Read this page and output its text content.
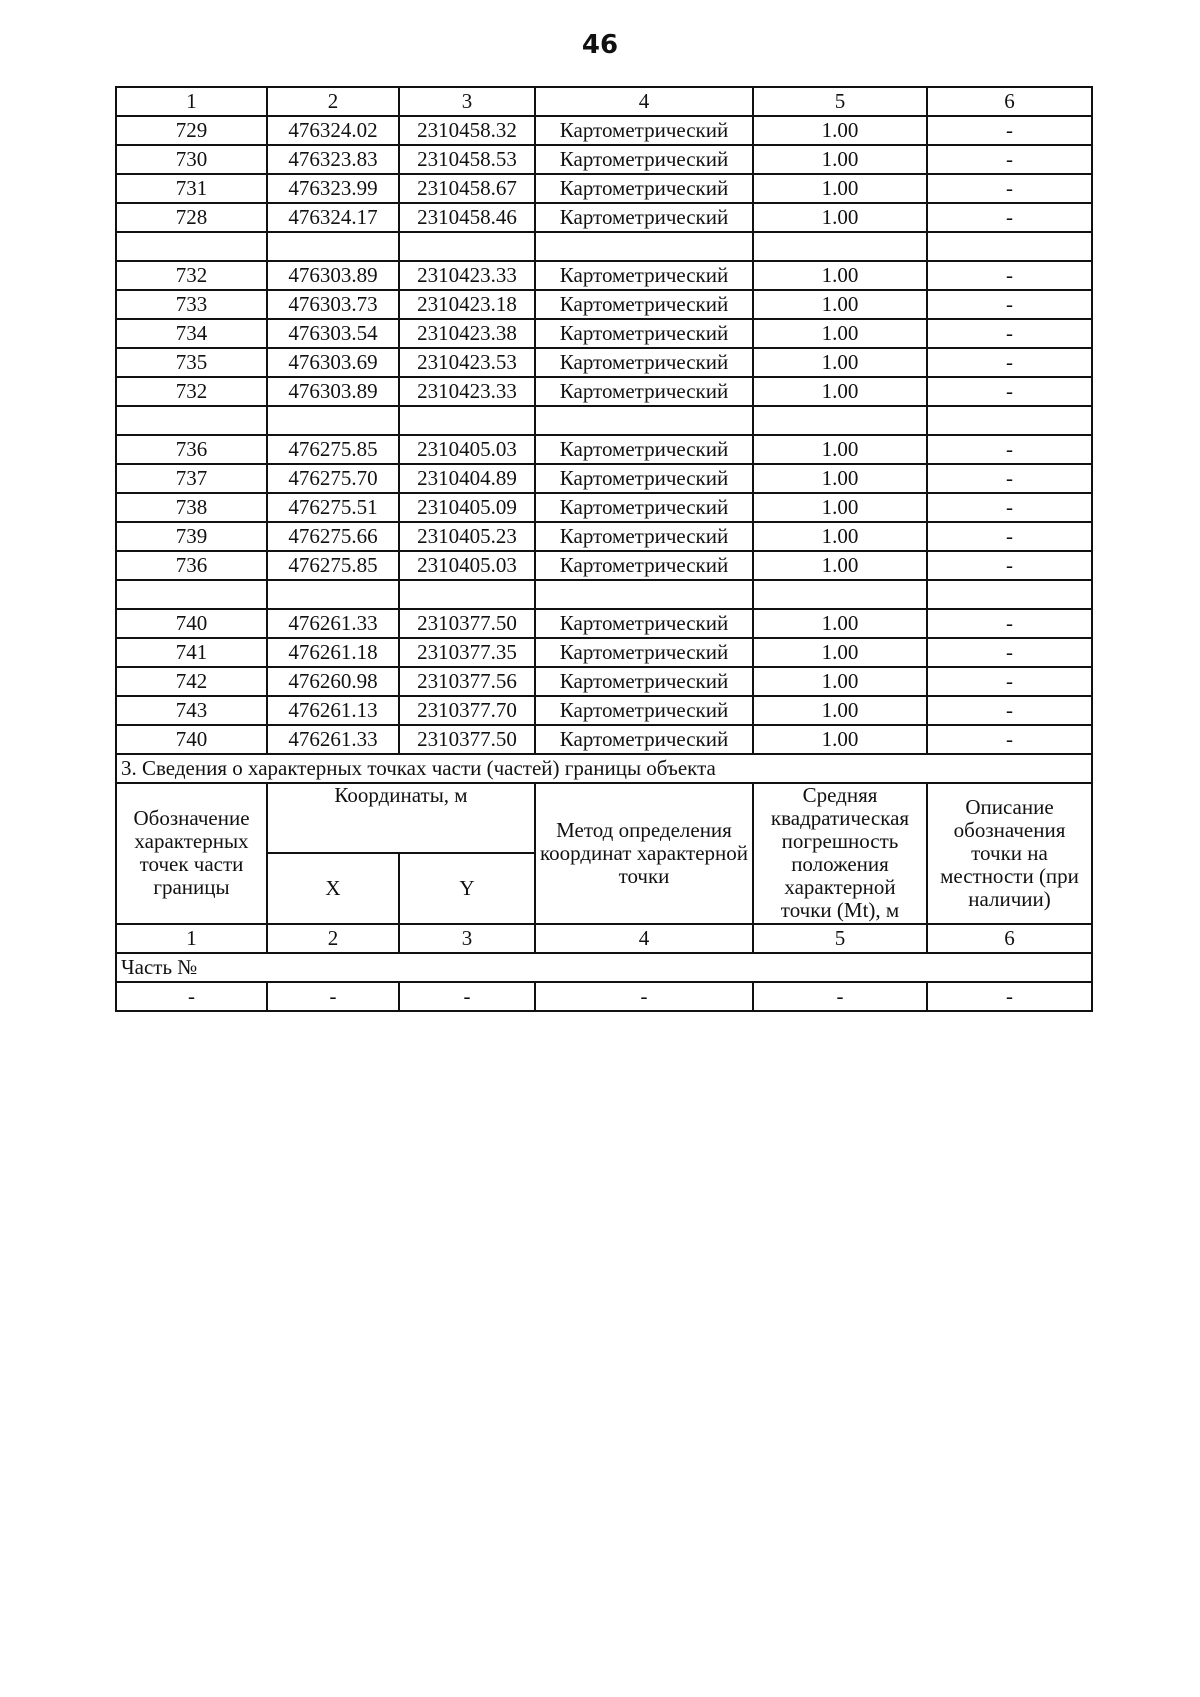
46
1	2	3	4	5	6
729	476324.02	2310458.32	Картометрический	1.00	-
730	476323.83	2310458.53	Картометрический	1.00	-
731	476323.99	2310458.67	Картометрический	1.00	-
728	476324.17	2310458.46	Картометрический	1.00	-

732	476303.89	2310423.33	Картометрический	1.00	-
733	476303.73	2310423.18	Картометрический	1.00	-
734	476303.54	2310423.38	Картометрический	1.00	-
735	476303.69	2310423.53	Картометрический	1.00	-
732	476303.89	2310423.33	Картометрический	1.00	-

736	476275.85	2310405.03	Картометрический	1.00	-
737	476275.70	2310404.89	Картометрический	1.00	-
738	476275.51	2310405.09	Картометрический	1.00	-
739	476275.66	2310405.23	Картометрический	1.00	-
736	476275.85	2310405.03	Картометрический	1.00	-

740	476261.33	2310377.50	Картометрический	1.00	-
741	476261.18	2310377.35	Картометрический	1.00	-
742	476260.98	2310377.56	Картометрический	1.00	-
743	476261.13	2310377.70	Картометрический	1.00	-
740	476261.33	2310377.50	Картометрический	1.00	-
3. Сведения о характерных точках части (частей) границы объекта					
Обозначение характерных точек части границы	Координаты, м		Метод определения координат характерной точки	Средняя квадратическая погрешность положения характерной точки (Mt), м	Описание обозначения точки на местности (при наличии)
	X	Y			
1	2	3	4	5	6
Часть №					
-	-	-	-	-	-
